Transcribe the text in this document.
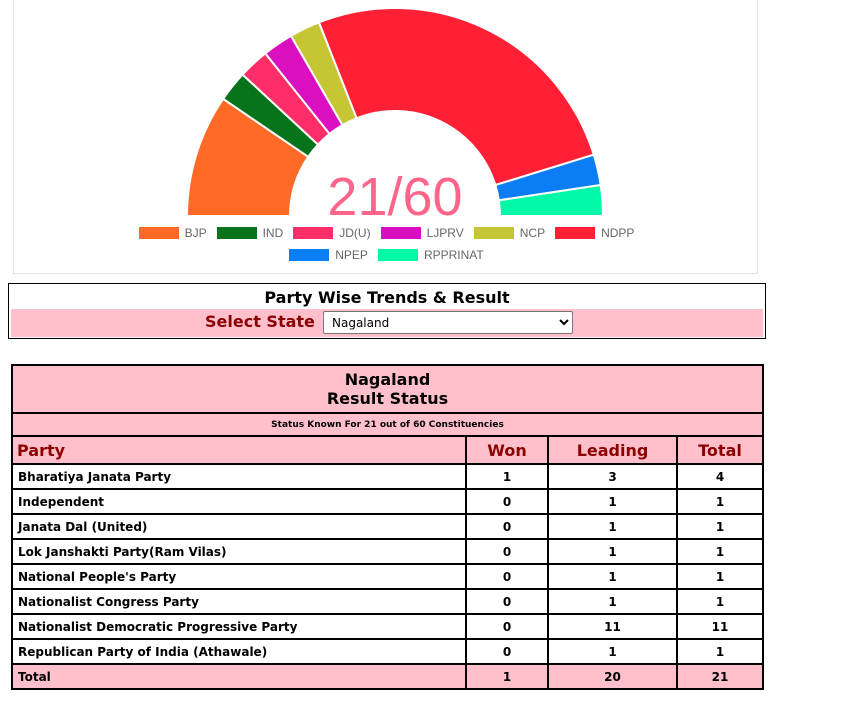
21/60
BJP	IND	JD(U)	LJPRV	NCP	NDPP
NPEP	RPPRINAT
Party Wise Trends & Result
Select State
Nagaland
Nagaland
Result Status			

Status Known For 21 out of 60 Constituencies			
Party	Won	Leading	Total
Bharatiya Janata Party	1	3	4
Independent	0	1	1
Janata Dal (United)	0	1	1
Lok Janshakti Party(Ram Vilas)	0	1	1
National People's Party	0	1	1
Nationalist Congress Party	0	1	1
Nationalist Democratic Progressive Party	0	11	11
Republican Party of India (Athawale)	0	1	1
Total	1	20	21
